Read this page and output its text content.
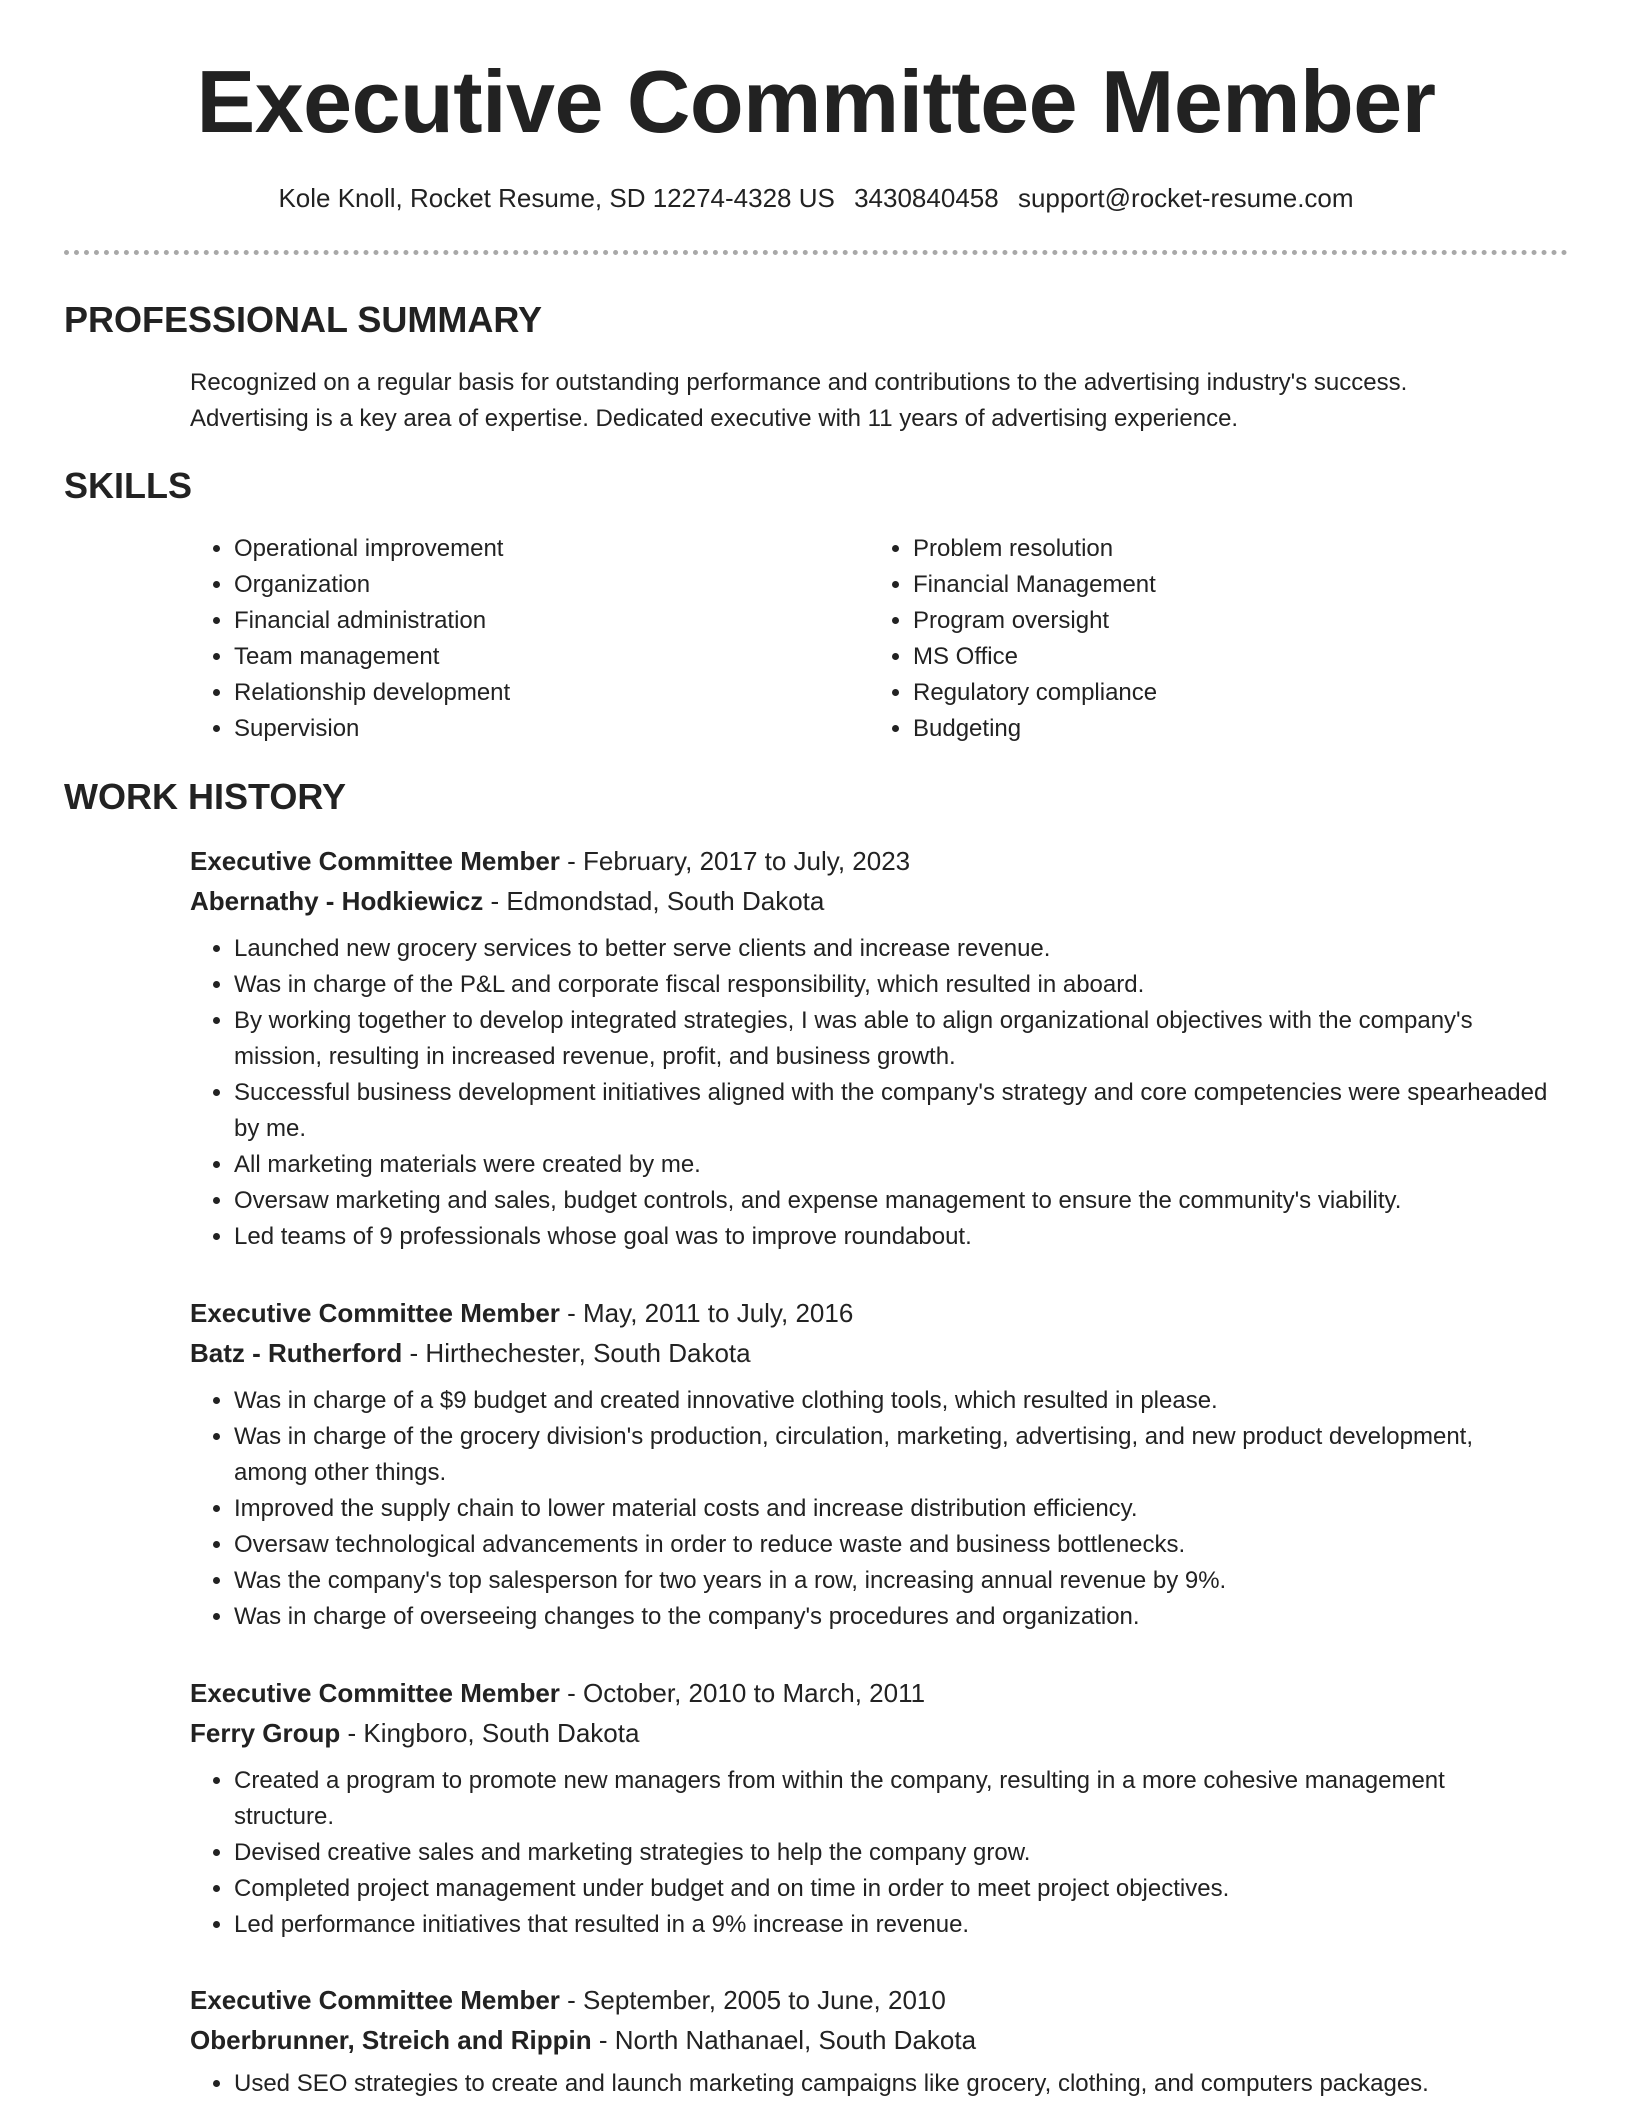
Executive Committee Member
Kole Knoll, Rocket Resume, SD 12274-4328 US 3430840458 support@rocket-resume.com
PROFESSIONAL SUMMARY
Recognized on a regular basis for outstanding performance and contributions to the advertising industry's success. Advertising is a key area of expertise. Dedicated executive with 11 years of advertising experience.
SKILLS
• Operational improvement
• Organization
• Financial administration
• Team management
• Relationship development
• Supervision
• Problem resolution
• Financial Management
• Program oversight
• MS Office
• Regulatory compliance
• Budgeting
WORK HISTORY
Executive Committee Member - February, 2017 to July, 2023
Abernathy - Hodkiewicz - Edmondstad, South Dakota
• Launched new grocery services to better serve clients and increase revenue.
• Was in charge of the P&L and corporate fiscal responsibility, which resulted in aboard.
• By working together to develop integrated strategies, I was able to align organizational objectives with the company's mission, resulting in increased revenue, profit, and business growth.
• Successful business development initiatives aligned with the company's strategy and core competencies were spearheaded by me.
• All marketing materials were created by me.
• Oversaw marketing and sales, budget controls, and expense management to ensure the community's viability.
• Led teams of 9 professionals whose goal was to improve roundabout.
Executive Committee Member - May, 2011 to July, 2016
Batz - Rutherford - Hirthechester, South Dakota
• Was in charge of a $9 budget and created innovative clothing tools, which resulted in please.
• Was in charge of the grocery division's production, circulation, marketing, advertising, and new product development, among other things.
• Improved the supply chain to lower material costs and increase distribution efficiency.
• Oversaw technological advancements in order to reduce waste and business bottlenecks.
• Was the company's top salesperson for two years in a row, increasing annual revenue by 9%.
• Was in charge of overseeing changes to the company's procedures and organization.
Executive Committee Member - October, 2010 to March, 2011
Ferry Group - Kingboro, South Dakota
• Created a program to promote new managers from within the company, resulting in a more cohesive management structure.
• Devised creative sales and marketing strategies to help the company grow.
• Completed project management under budget and on time in order to meet project objectives.
• Led performance initiatives that resulted in a 9% increase in revenue.
Executive Committee Member - September, 2005 to June, 2010
Oberbrunner, Streich and Rippin - North Nathanael, South Dakota
• Used SEO strategies to create and launch marketing campaigns like grocery, clothing, and computers packages.
